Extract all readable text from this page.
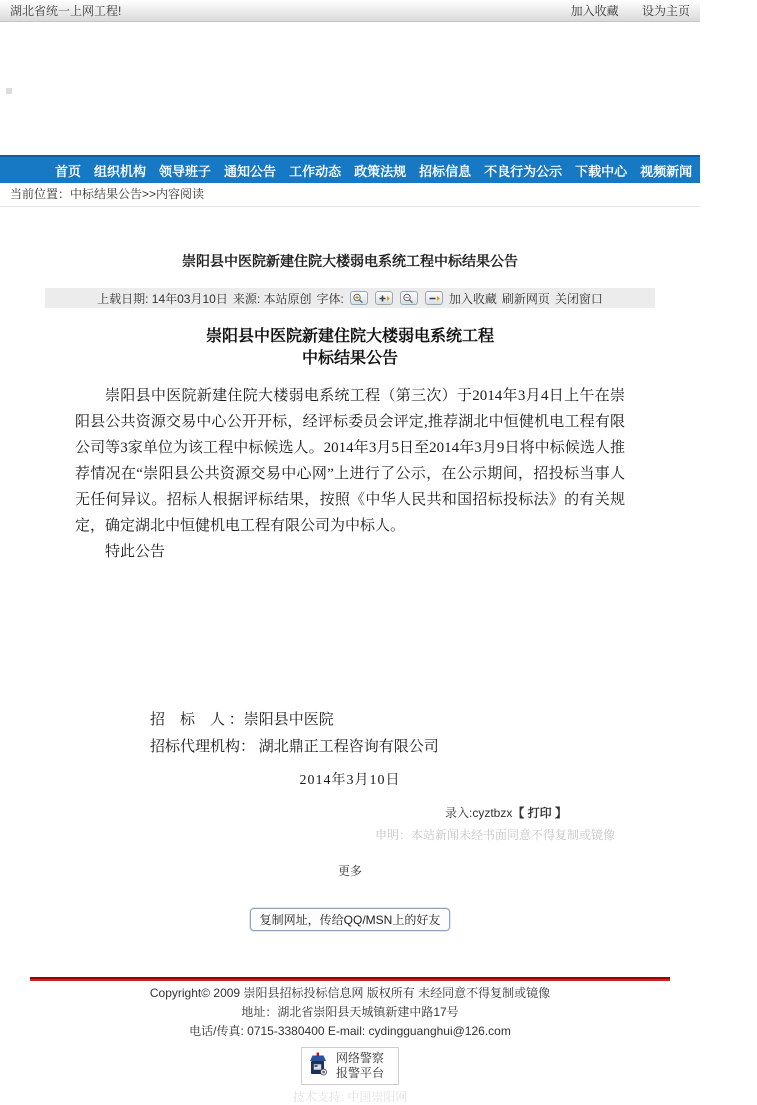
湖北省统一上网工程!	加入收藏 设为主页
首页 组织机构 领导班子 通知公告 工作动态 政策法规 招标信息 不良行为公示 下载中心 视频新闻 图片集锦
当前位置：中标结果公告>>内容阅读
崇阳县中医院新建住院大楼弱电系统工程中标结果公告
上载日期: 14年03月10日 来源: 本站原创 字体:	加入收藏 刷新网页 关闭窗口
崇阳县中医院新建住院大楼弱电系统工程
中标结果公告

崇阳县中医院新建住院大楼弱电系统工程（第三次）于2014年3月4日上午在崇阳县公共资源交易中心公开开标，经评标委员会评定,推荐湖北中恒健机电工程有限公司等3家单位为该工程中标候选人。2014年3月5日至2014年3月9日将中标候选人推荐情况在“崇阳县公共资源交易中心网”上进行了公示，在公示期间，招投标当事人无任何异议。招标人根据评标结果，按照《中华人民共和国招标投标法》的有关规定，确定湖北中恒健机电工程有限公司为中标人。

特此公告

招　标　人 ：崇阳县中医院
招标代理机构： 湖北鼎正工程咨询有限公司
2014年3月10日
录入:cyztbzx【 打印 】
申明：本站新闻未经书面同意不得复制或镜像
更多
复制网址，传给QQ/MSN上的好友
Copyright© 2009 崇阳县招标投标信息网 版权所有 未经同意不得复制或镜像
地址：湖北省崇阳县天城镇新建中路17号
电话/传真: 0715-3380400 E-mail: cydingguanghui@126.com
网络警察
报警平台
技术支持: 中国崇阳网
